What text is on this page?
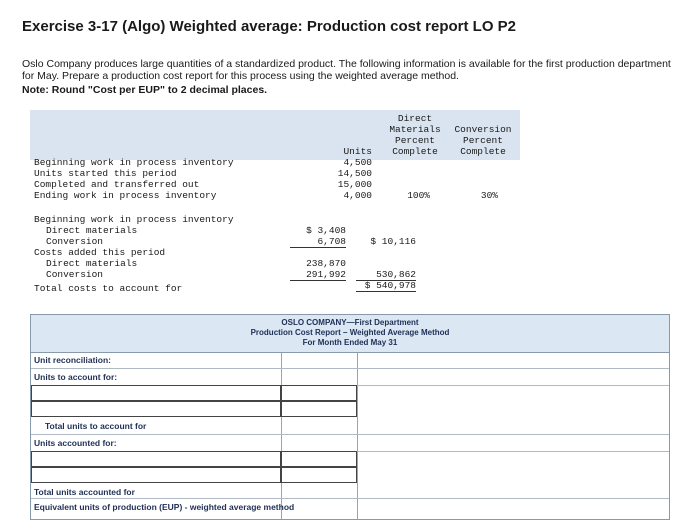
Exercise 3-17 (Algo) Weighted average: Production cost report LO P2
Oslo Company produces large quantities of a standardized product. The following information is available for the first production department for May. Prepare a production cost report for this process using the weighted average method.
Note: Round "Cost per EUP" to 2 decimal places.
Units
Direct
Materials
Percent
Complete
Conversion
Percent
Complete
Beginning work in process inventory	4,500
Units started this period	14,500
Completed and transferred out	15,000
Ending work in process inventory	4,000	100%	30%
Beginning work in process inventory
Direct materials	$ 3,408
Conversion	6,708	$ 10,116
Costs added this period
Direct materials	238,870
Conversion	291,992	530,862
Total costs to account for	$ 540,978
OSLO COMPANY—First Department
Production Cost Report – Weighted Average Method
For Month Ended May 31
Unit reconciliation:
Units to account for:
Total units to account for
Units accounted for:
Total units accounted for
Equivalent units of production (EUP) - weighted average method
